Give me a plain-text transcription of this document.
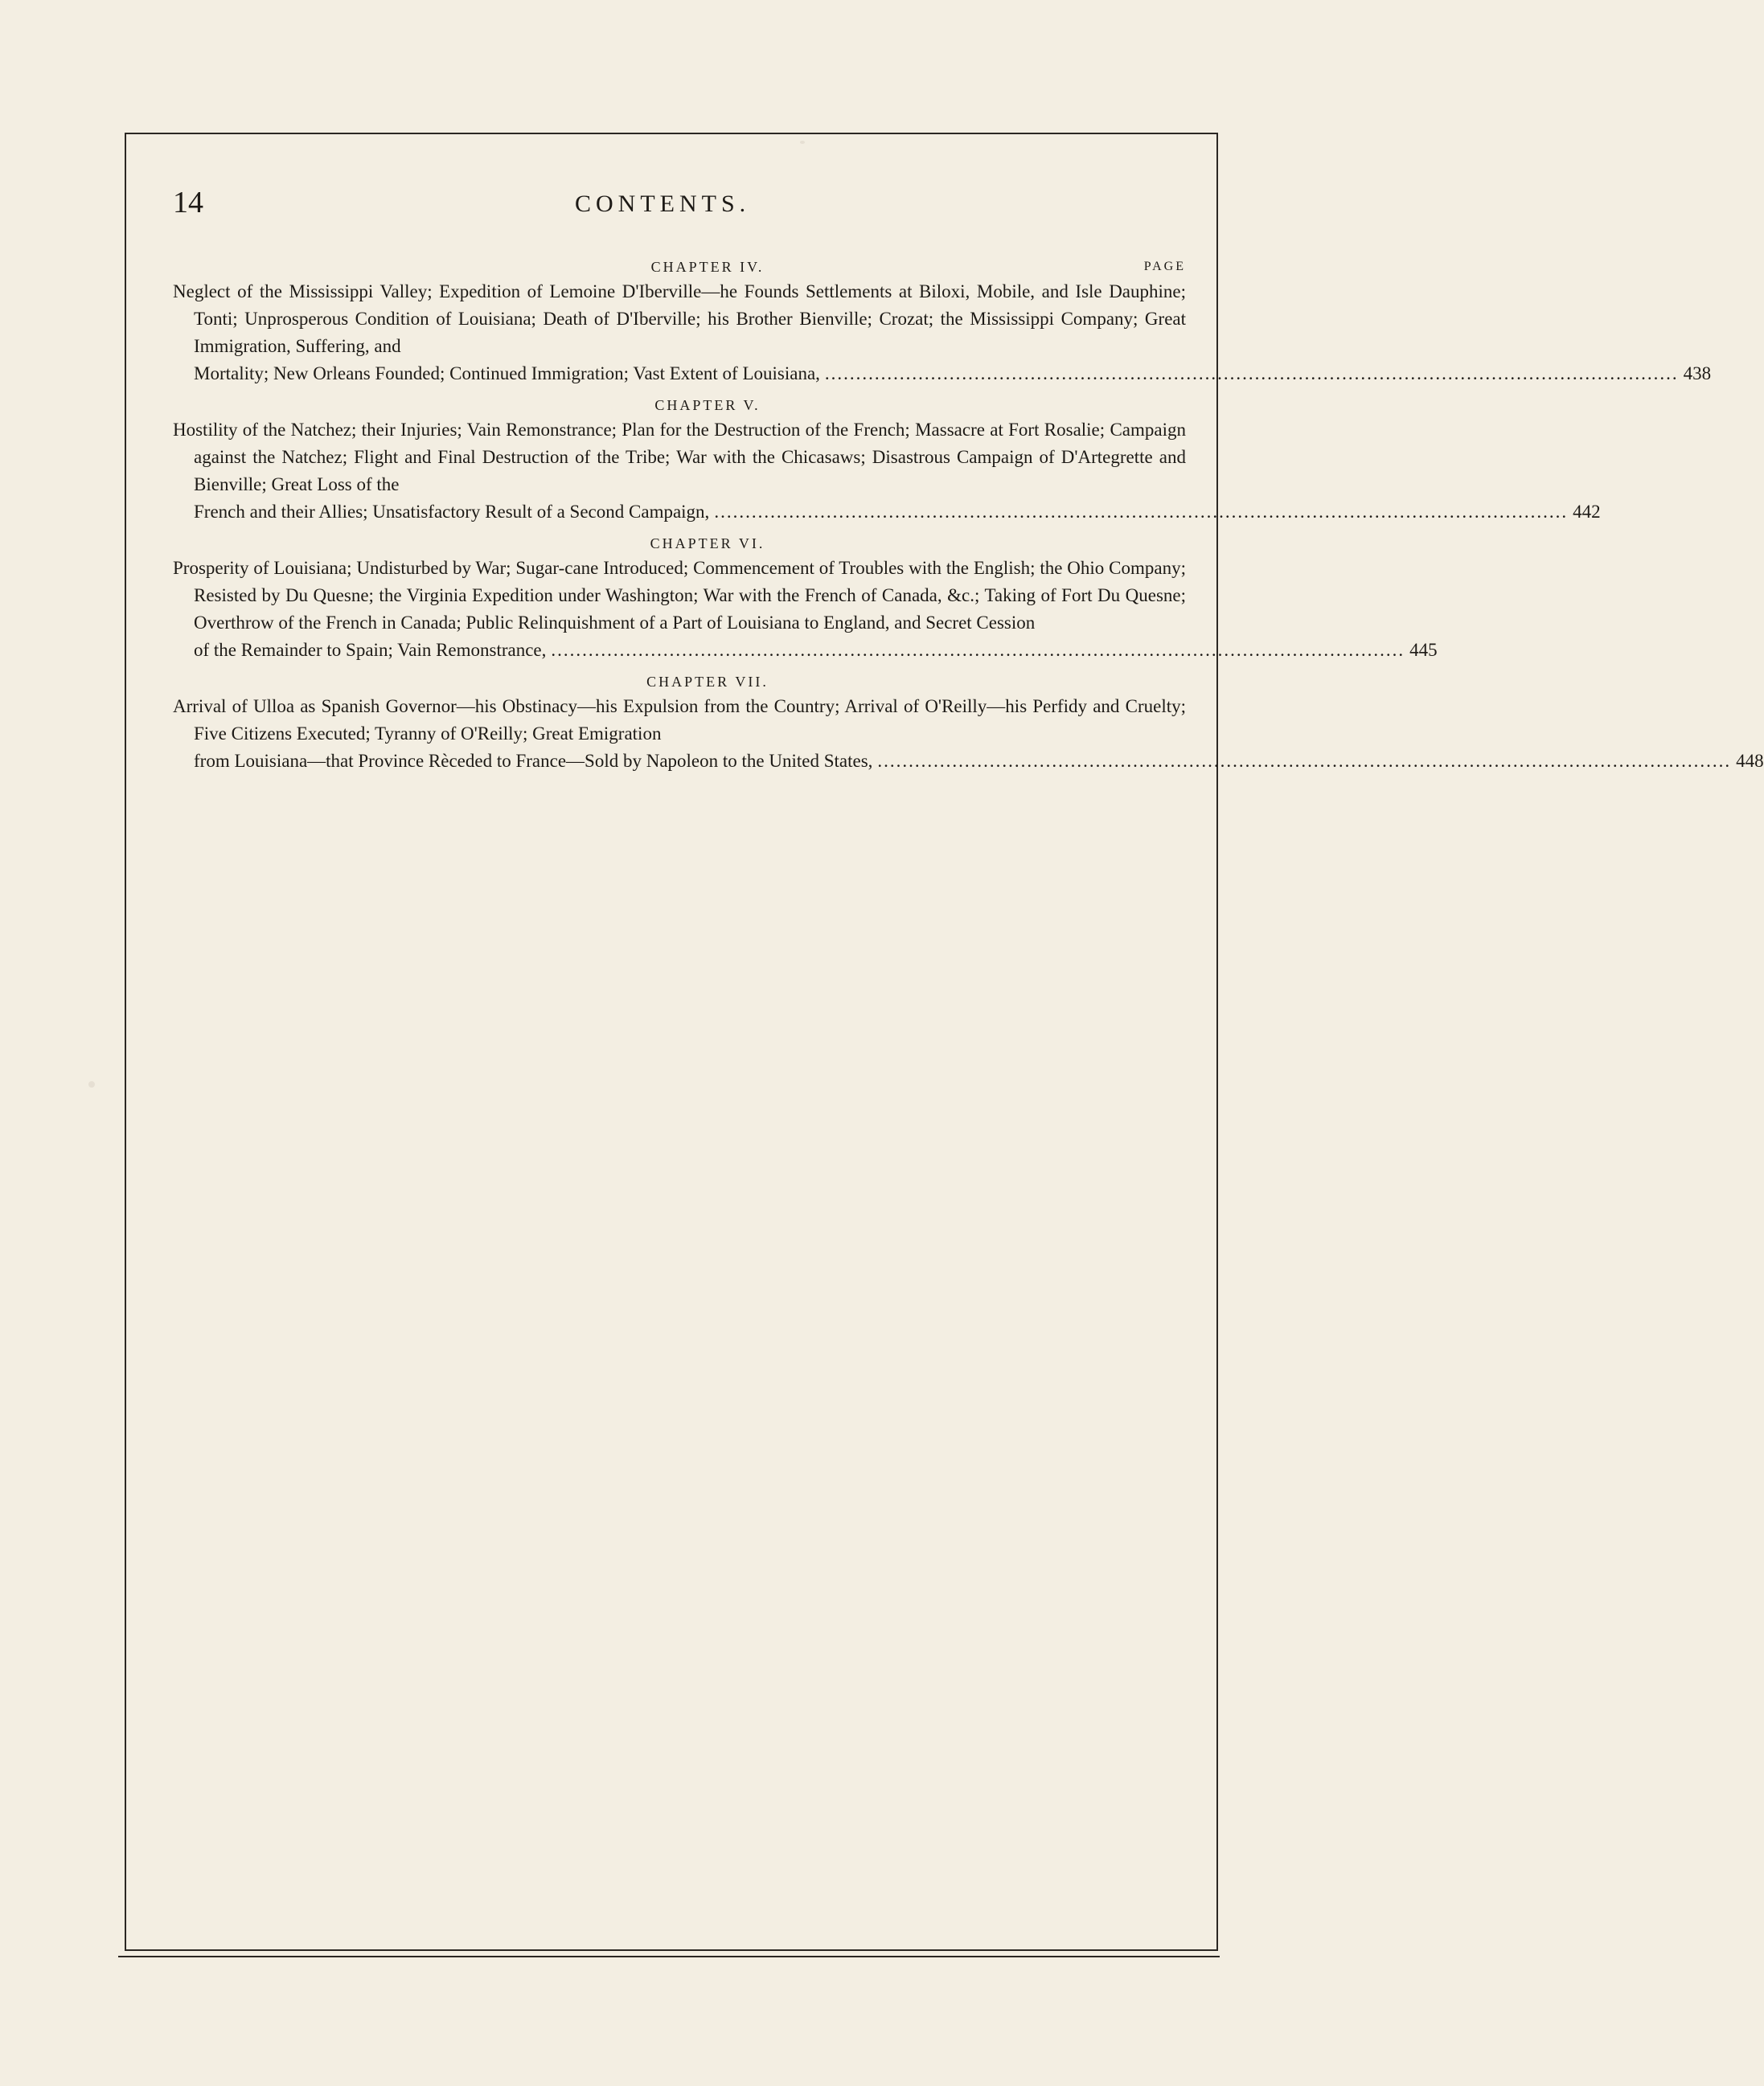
14	CONTENTS.
CHAPTER IV.	PAGE

Neglect of the Mississippi Valley; Expedition of Lemoine D'Iberville—he Founds Settlements at Biloxi, Mobile, and Isle Dauphine; Tonti; Unprosperous Condition of Louisiana; Death of D'Iberville; his Brother Bienville; Crozat; the Mississippi Company; Great Immigration, Suffering, and

Mortality; New Orleans Founded; Continued Immigration; Vast Extent of Louisiana, ......................................................................................................................................... 438
CHAPTER V.

Hostility of the Natchez; their Injuries; Vain Remonstrance; Plan for the Destruction of the French; Massacre at Fort Rosalie; Campaign against the Natchez; Flight and Final Destruction of the Tribe; War with the Chicasaws; Disastrous Campaign of D'Artegrette and Bienville; Great Loss of the

French and their Allies; Unsatisfactory Result of a Second Campaign, ......................................................................................................................................... 442
CHAPTER VI.

Prosperity of Louisiana; Undisturbed by War; Sugar-cane Introduced; Commencement of Troubles with the English; the Ohio Company; Resisted by Du Quesne; the Virginia Expedition under Washington; War with the French of Canada, &c.; Taking of Fort Du Quesne; Overthrow of the French in Canada; Public Relinquishment of a Part of Louisiana to England, and Secret Cession

of the Remainder to Spain; Vain Remonstrance, ......................................................................................................................................... 445
CHAPTER VII.

Arrival of Ulloa as Spanish Governor—his Obstinacy—his Expulsion from the Country; Arrival of O'Reilly—his Perfidy and Cruelty; Five Citizens Executed; Tyranny of O'Reilly; Great Emigration

from Louisiana—that Province Rèceded to France—Sold by Napoleon to the United States, ......................................................................................................................................... 448
